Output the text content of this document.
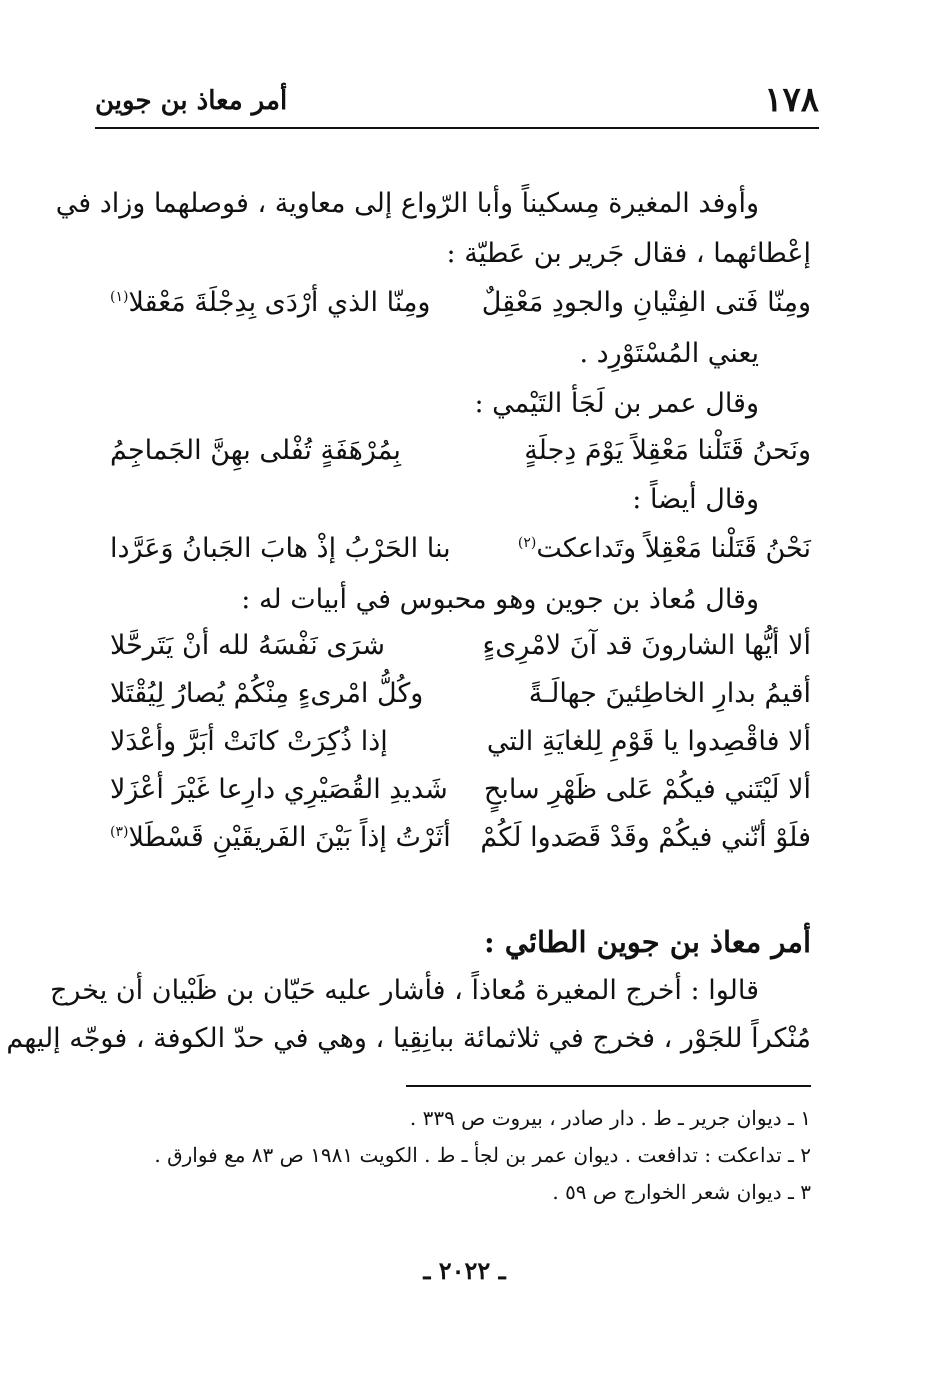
١٧٨
أمر معاذ بن جوين
وأوفد المغيرة مِسكيناً وأبا الرّواع إلى معاوية ، فوصلهما وزاد في
إعْطائهما ، فقال جَرير بن عَطيّة :
ومِنّا فَتى الفِتْيانِ والجودِ مَعْقِلٌ
ومِنّا الذي أرْدَى بِدِجْلَةَ مَعْقلا$^{(١)}$
يعني المُسْتَوْرِد .
وقال عمر بن لَجَأ التَيْمي :
ونَحنُ قَتَلْنا مَعْقِلاً يَوْمَ دِجلَةٍ
بِمُرْهَفَةٍ تُفْلى بهِنَّ الجَماجِمُ
وقال أيضاً :
نَحْنُ قَتَلْنا مَعْقِلاً وتَداعكت$^{(٢)}$
بنا الحَرْبُ إذْ هابَ الجَبانُ وَعَرَّدا
وقال مُعاذ بن جوين وهو محبوس في أبيات له :
ألا أيُّها الشارونَ قد آنَ لامْرِىءٍ
شرَى نَفْسَهُ لله أنْ يَتَرحَّلا
أقيمُ بدارِ الخاطِئينَ جهالَـةً
وكُلُّ امْرىءٍ مِنْكُمْ يُصارُ لِيُقْتَلا
ألا فاقْصِدوا يا قَوْمِ لِلغايَةِ التي
إذا ذُكِرَتْ كانَتْ أبَرَّ وأعْدَلا
ألا لَيْتَني فيكُمْ عَلى ظَهْرِ سابحٍ
شَديدِ القُصَيْرِي دارِعا غَيْرَ أعْزَلا
فلَوْ أنّني فيكُمْ وقَدْ قَصَدوا لَكُمْ
أثَرْتُ إذاً بَيْنَ الفَريقَيْنِ قَسْطَلا$^{(٣)}$
أمر معاذ بن جوين الطائي :
قالوا : أخرج المغيرة مُعاذاً ، فأشار عليه حَيّان بن ظَبْيان أن يخرج
مُنْكراً للجَوْر ، فخرج في ثلاثمائة ببانِقِيا ، وهي في حدّ الكوفة ، فوجّه إليهم
١ ـ ديوان جرير ـ ط . دار صادر ، بيروت ص ٣٣٩ .
٢ ـ تداعكت : تدافعت . ديوان عمر بن لجأ ـ ط . الكويت ١٩٨١ ص ٨٣ مع فوارق .
٣ ـ ديوان شعر الخوارج ص ٥٩ .
ـ ٢٠٢٢ ـ
